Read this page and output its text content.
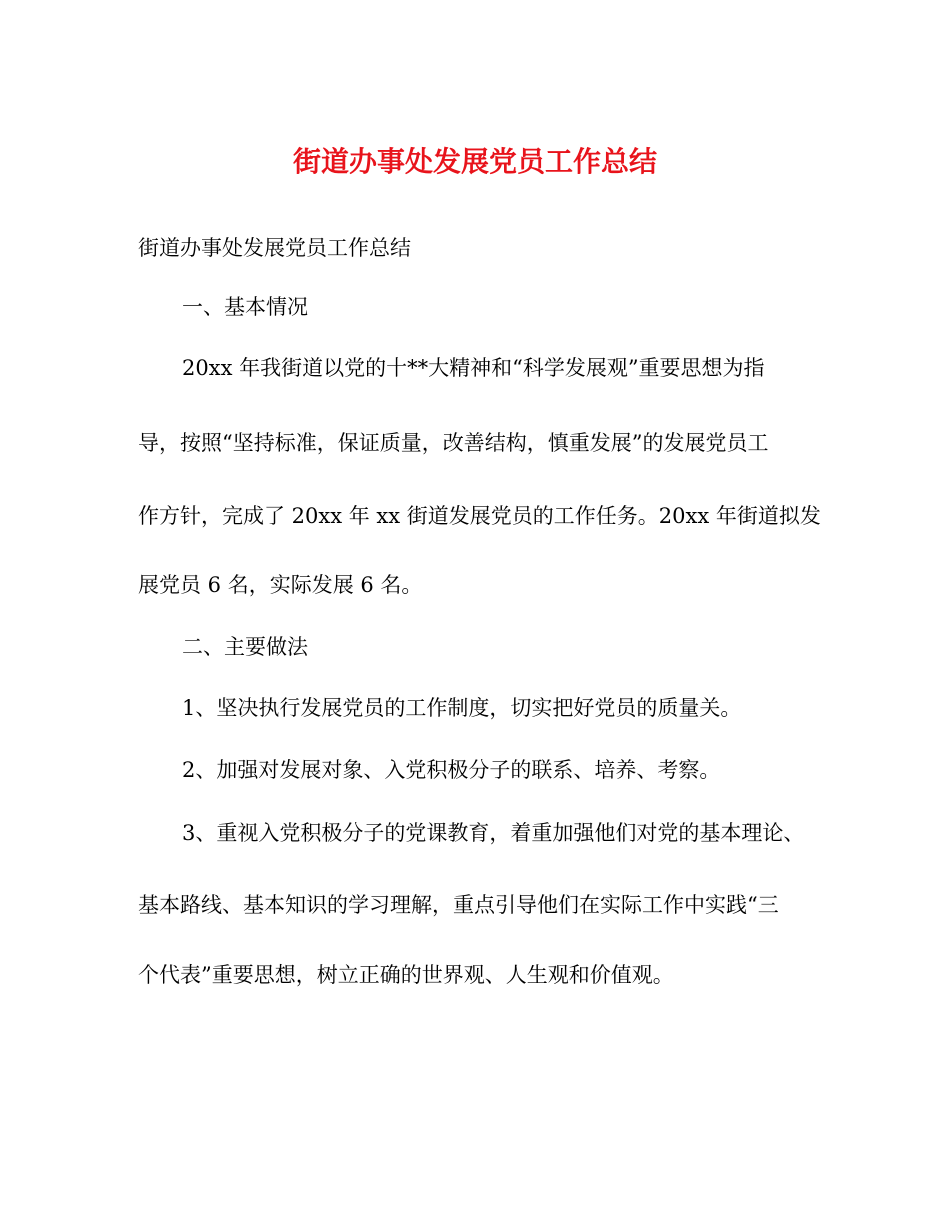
街道办事处发展党员工作总结
街道办事处发展党员工作总结
一、基本情况
20xx 年我街道以党的十**大精神和“科学发展观”重要思想为指
导，按照“坚持标准，保证质量，改善结构，慎重发展”的发展党员工
作方针，完成了 20xx 年 xx 街道发展党员的工作任务。20xx 年街道拟发
展党员 6 名，实际发展 6 名。
二、主要做法
1、坚决执行发展党员的工作制度，切实把好党员的质量关。
2、加强对发展对象、入党积极分子的联系、培养、考察。
3、重视入党积极分子的党课教育，着重加强他们对党的基本理论、
基本路线、基本知识的学习理解，重点引导他们在实际工作中实践“三
个代表”重要思想，树立正确的世界观、人生观和价值观。
